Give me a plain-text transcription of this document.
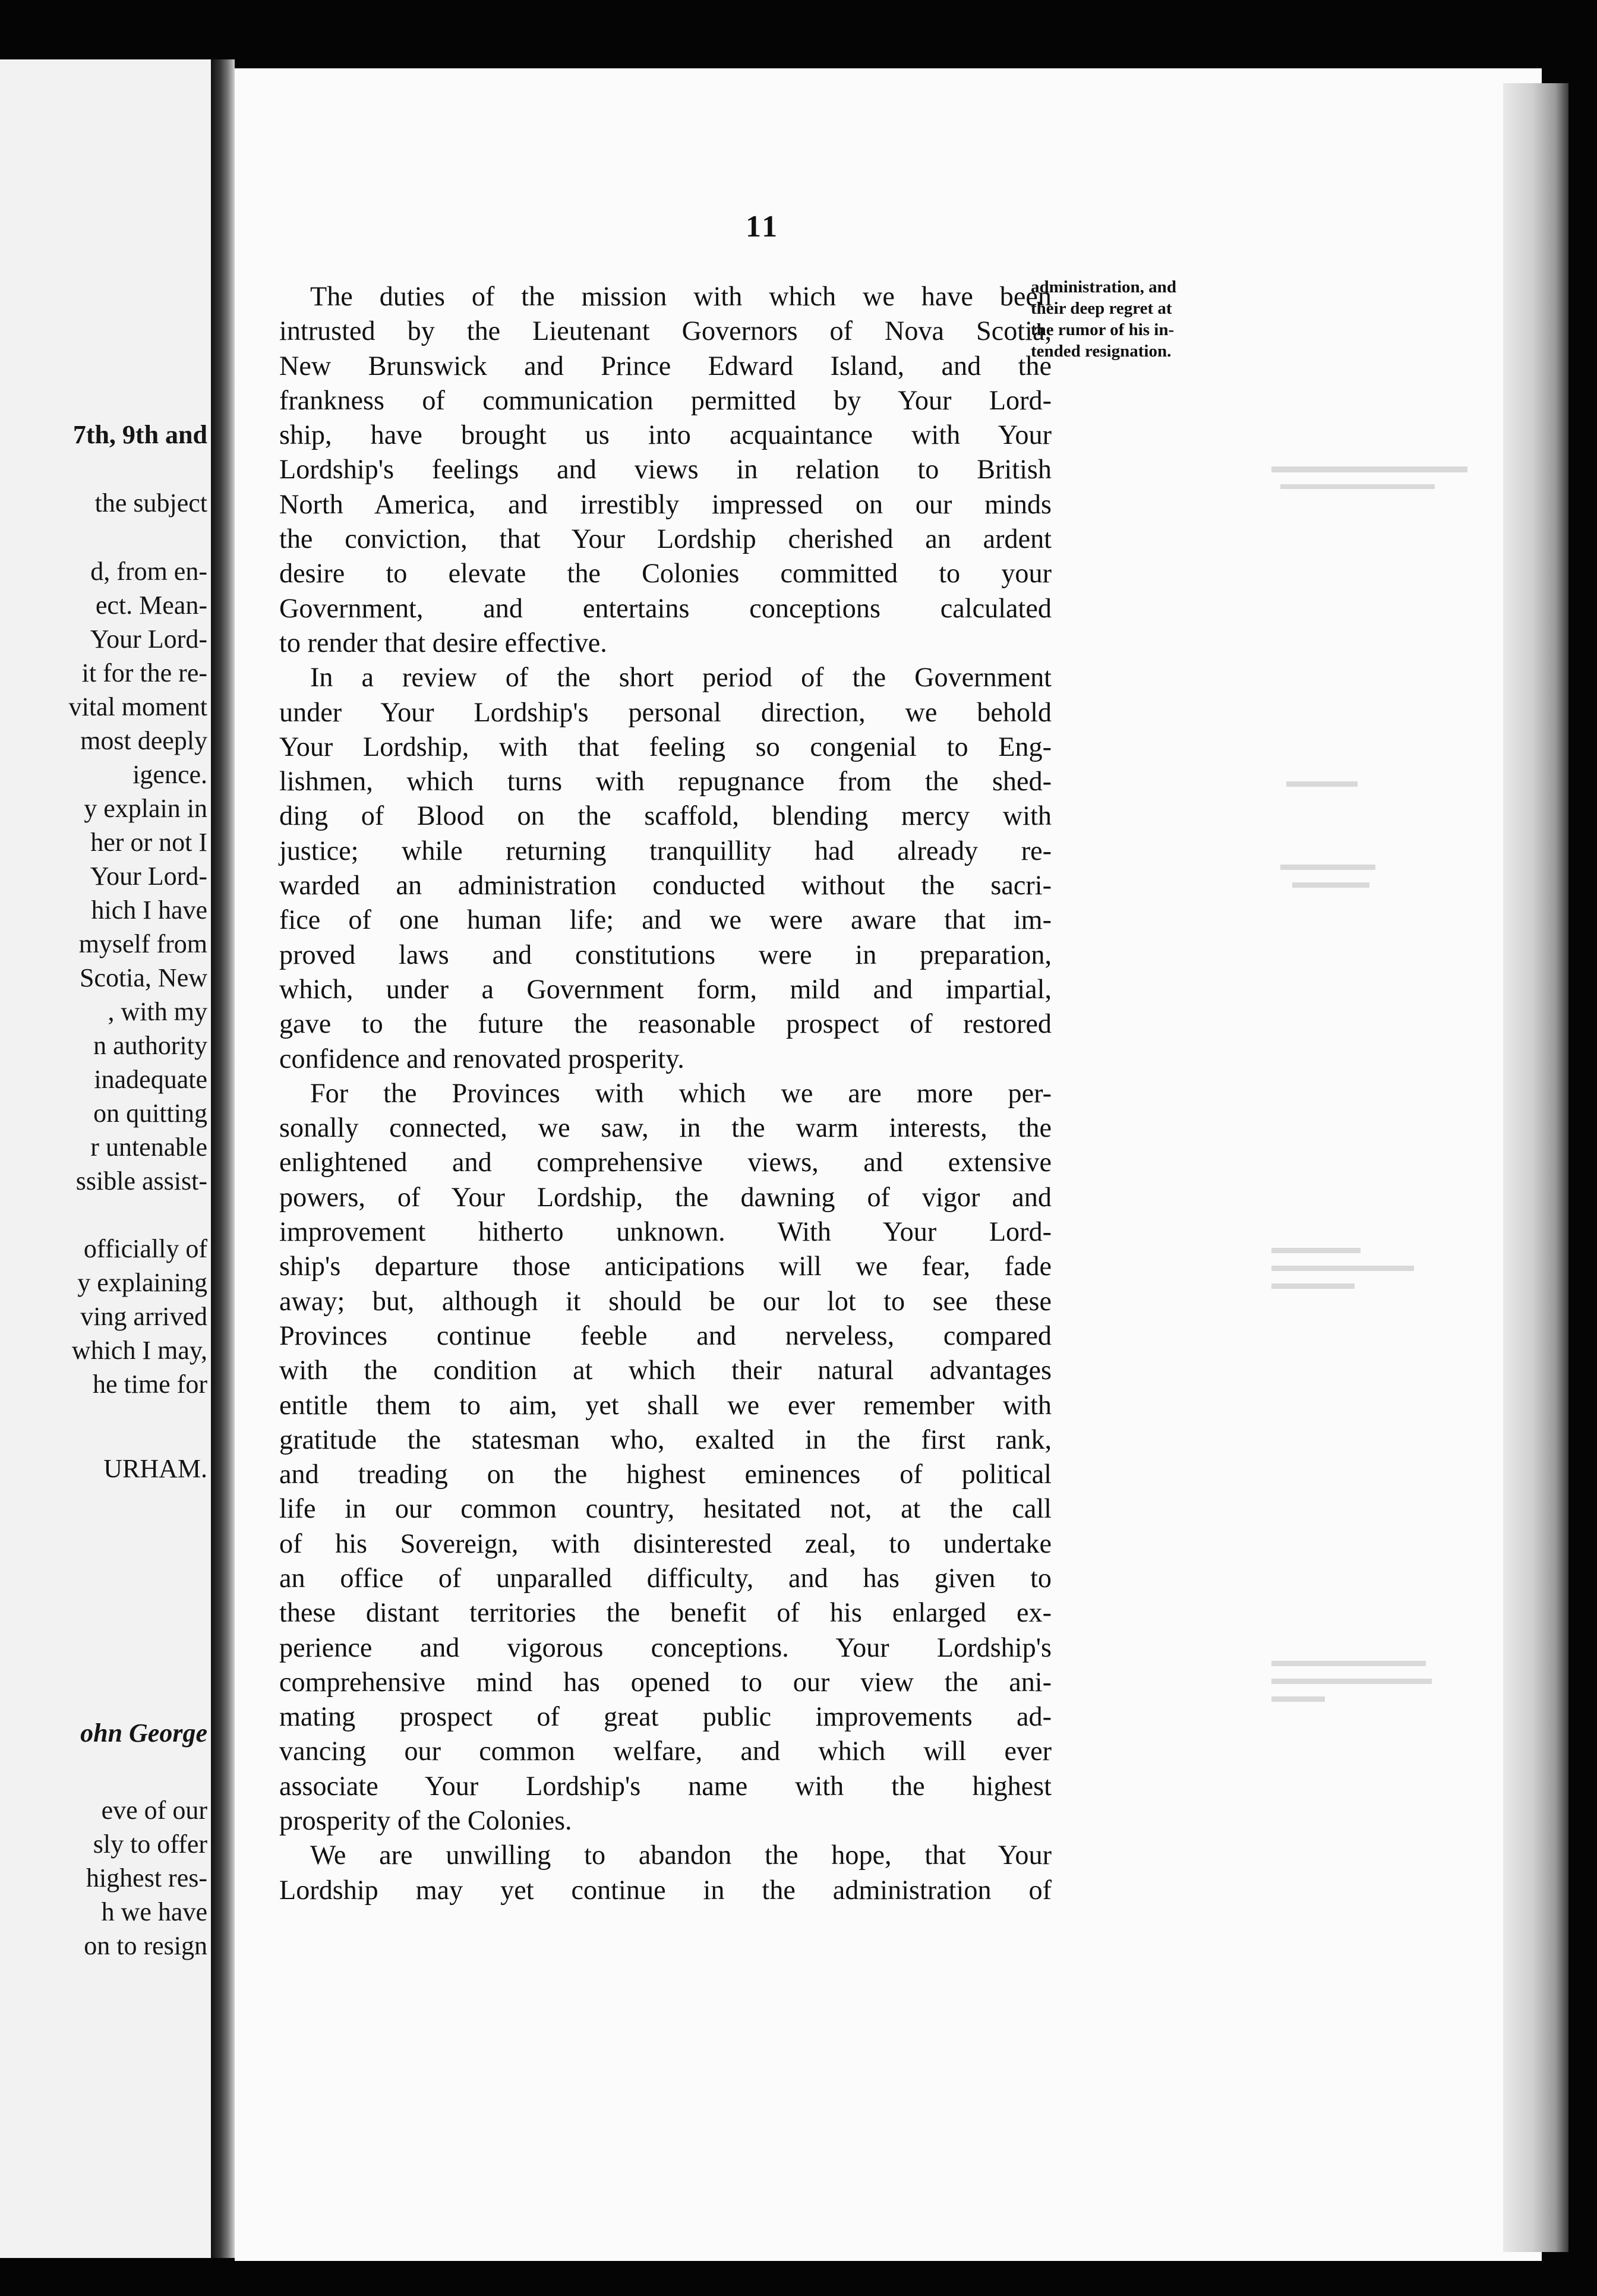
7th, 9th and
the subject
d, from en-
ect. Mean-
Your Lord-
it for the re-
vital moment
most deeply
igence.
y explain in
her or not I
Your Lord-
hich I have
myself from
Scotia, New
, with my
n authority
inadequate
on quitting
r untenable
ssible assist-
officially of
y explaining
ving arrived
which I may,
he time for
URHAM.
ohn George
eve of our
sly to offer
highest res-
h we have
on to resign
11
The duties of the mission with which we have been
intrusted by the Lieutenant Governors of Nova Scotia,
New Brunswick and Prince Edward Island, and the
frankness of communication permitted by Your Lord-
ship, have brought us into acquaintance with Your
Lordship's feelings and views in relation to British
North America, and irrestibly impressed on our minds
the conviction, that Your Lordship cherished an ardent
desire to elevate the Colonies committed to your
Government, and entertains conceptions calculated
to render that desire effective.
In a review of the short period of the Government
under Your Lordship's personal direction, we behold
Your Lordship, with that feeling so congenial to Eng-
lishmen, which turns with repugnance from the shed-
ding of Blood on the scaffold, blending mercy with
justice; while returning tranquillity had already re-
warded an administration conducted without the sacri-
fice of one human life; and we were aware that im-
proved laws and constitutions were in preparation,
which, under a Government form, mild and impartial,
gave to the future the reasonable prospect of restored
confidence and renovated prosperity.
For the Provinces with which we are more per-
sonally connected, we saw, in the warm interests, the
enlightened and comprehensive views, and extensive
powers, of Your Lordship, the dawning of vigor and
improvement hitherto unknown. With Your Lord-
ship's departure those anticipations will we fear, fade
away; but, although it should be our lot to see these
Provinces continue feeble and nerveless, compared
with the condition at which their natural advantages
entitle them to aim, yet shall we ever remember with
gratitude the statesman who, exalted in the first rank,
and treading on the highest eminences of political
life in our common country, hesitated not, at the call
of his Sovereign, with disinterested zeal, to undertake
an office of unparalled difficulty, and has given to
these distant territories the benefit of his enlarged ex-
perience and vigorous conceptions. Your Lordship's
comprehensive mind has opened to our view the ani-
mating prospect of great public improvements ad-
vancing our common welfare, and which will ever
associate Your Lordship's name with the highest
prosperity of the Colonies.
We are unwilling to abandon the hope, that Your
Lordship may yet continue in the administration of
administration, and
their deep regret at
the rumor of his in-
tended resignation.
